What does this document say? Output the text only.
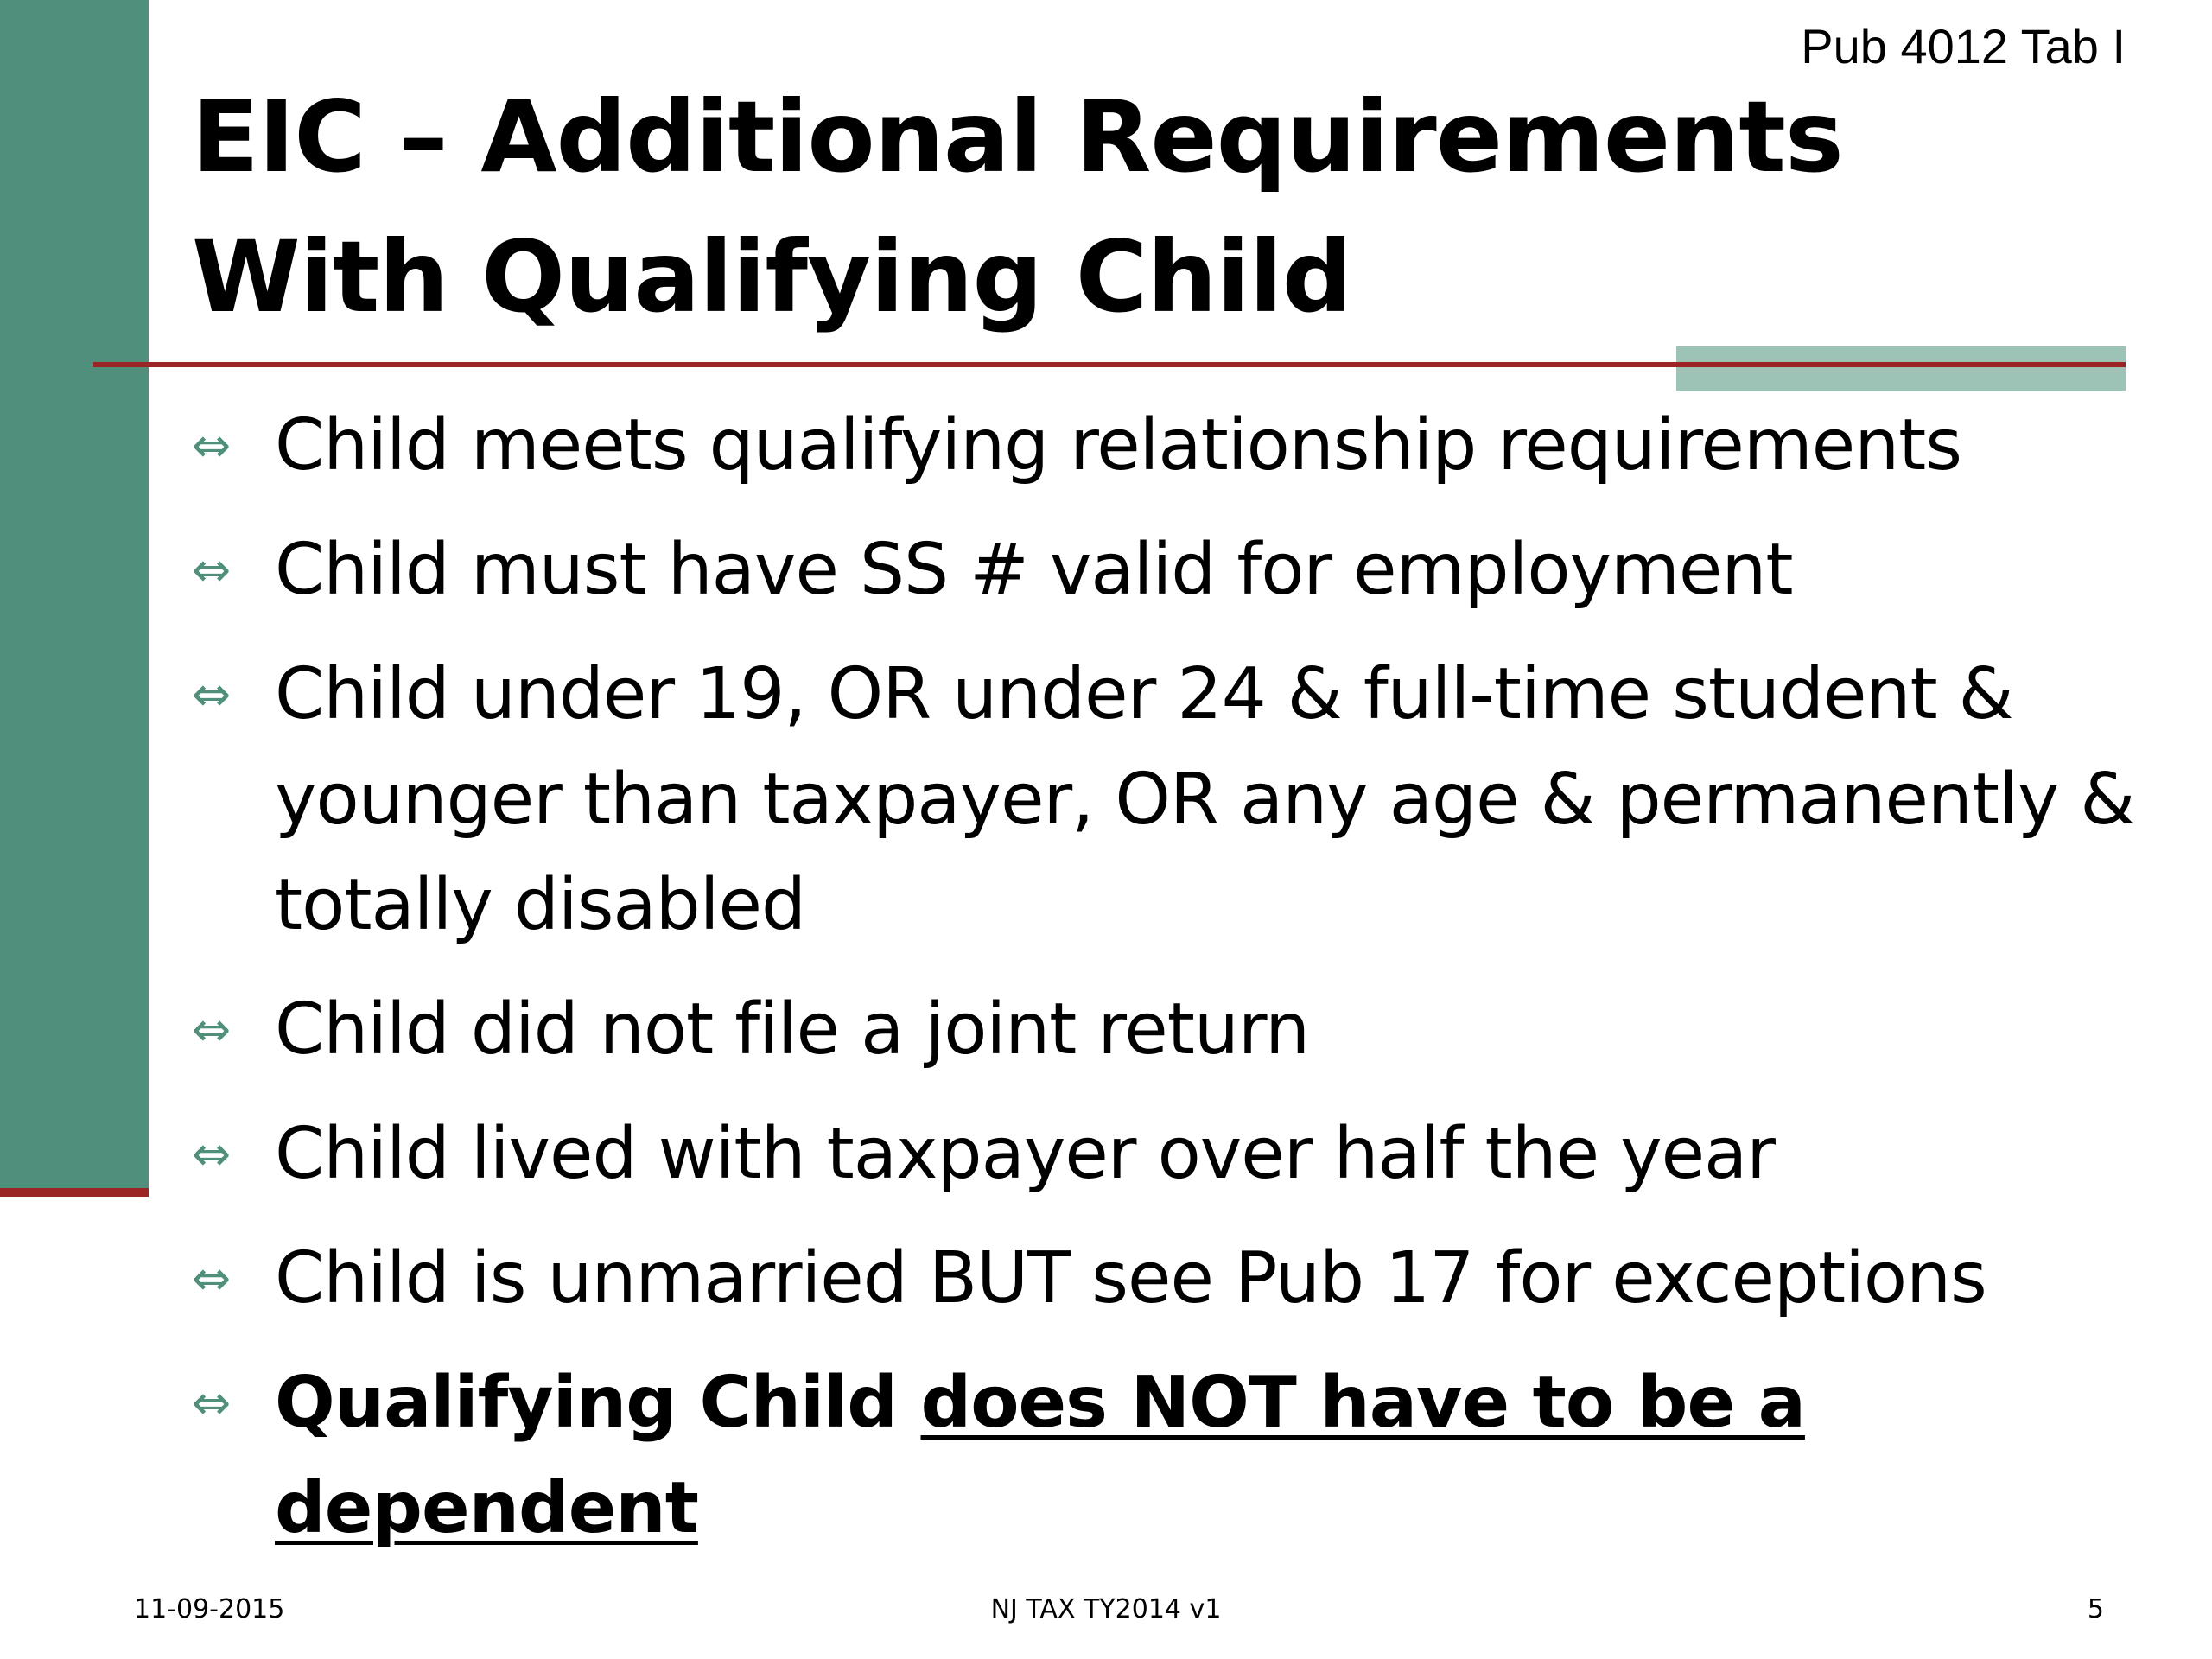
Pub 4012 Tab I
EIC – Additional Requirements With Qualifying Child
⇔ Child meets qualifying relationship requirements
⇔ Child must have SS # valid for employment
⇔ Child under 19, OR under 24 & full-time student & younger than taxpayer, OR any age & permanently & totally disabled
⇔ Child did not file a joint return
⇔ Child lived with taxpayer over half the year
⇔ Child is unmarried BUT see Pub 17 for exceptions
⇔ Qualifying Child does NOT have to be a dependent
11-09-2015	NJ TAX TY2014 v1	5
